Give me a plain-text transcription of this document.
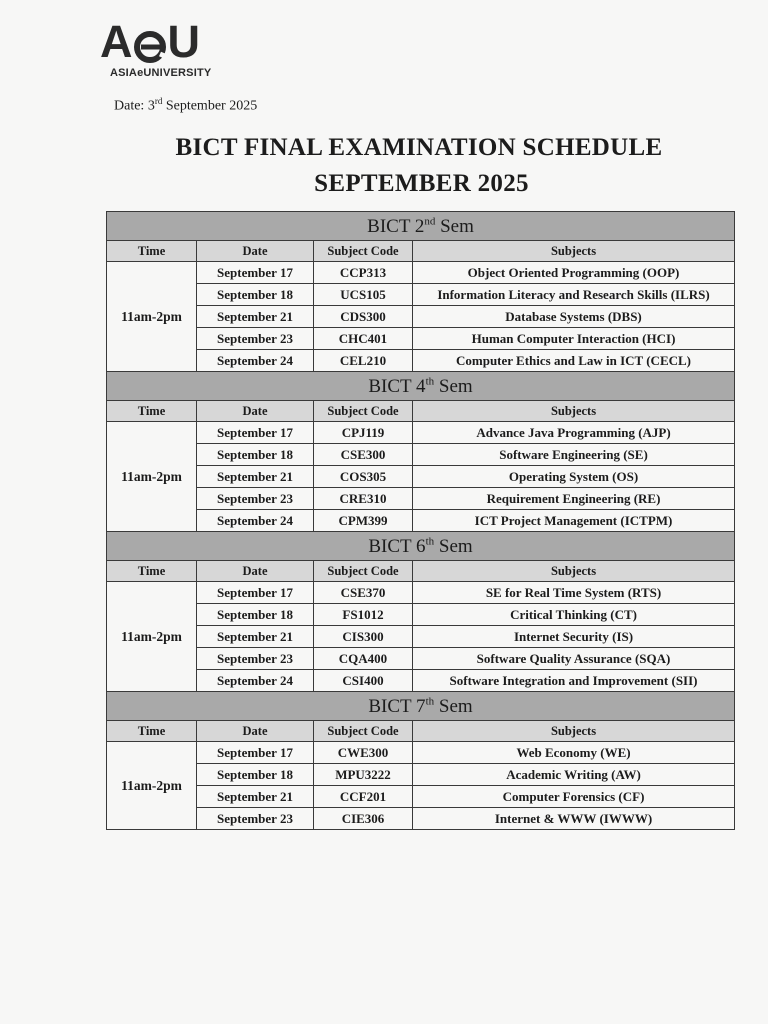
A U
ASIAeUNIVERSITY
Date: 3rd September 2025
BICT FINAL EXAMINATION SCHEDULE
SEPTEMBER 2025
BICT 2nd Sem			
Time	Date	Subject Code	Subjects
11am-2pm	September 17	CCP313	Object Oriented Programming (OOP)
	September 18	UCS105	Information Literacy and Research Skills (ILRS)
	September 21	CDS300	Database Systems (DBS)
	September 23	CHC401	Human Computer Interaction (HCI)
	September 24	CEL210	Computer Ethics and Law in ICT (CECL)
BICT 4th Sem			
Time	Date	Subject Code	Subjects
11am-2pm	September 17	CPJ119	Advance Java Programming (AJP)
	September 18	CSE300	Software Engineering (SE)
	September 21	COS305	Operating System (OS)
	September 23	CRE310	Requirement Engineering (RE)
	September 24	CPM399	ICT Project Management (ICTPM)
BICT 6th Sem			
Time	Date	Subject Code	Subjects
11am-2pm	September 17	CSE370	SE for Real Time System (RTS)
	September 18	FS1012	Critical Thinking (CT)
	September 21	CIS300	Internet Security (IS)
	September 23	CQA400	Software Quality Assurance (SQA)
	September 24	CSI400	Software Integration and Improvement (SII)
BICT 7th Sem			
Time	Date	Subject Code	Subjects
11am-2pm	September 17	CWE300	Web Economy (WE)
	September 18	MPU3222	Academic Writing (AW)
	September 21	CCF201	Computer Forensics (CF)
	September 23	CIE306	Internet & WWW (IWWW)
